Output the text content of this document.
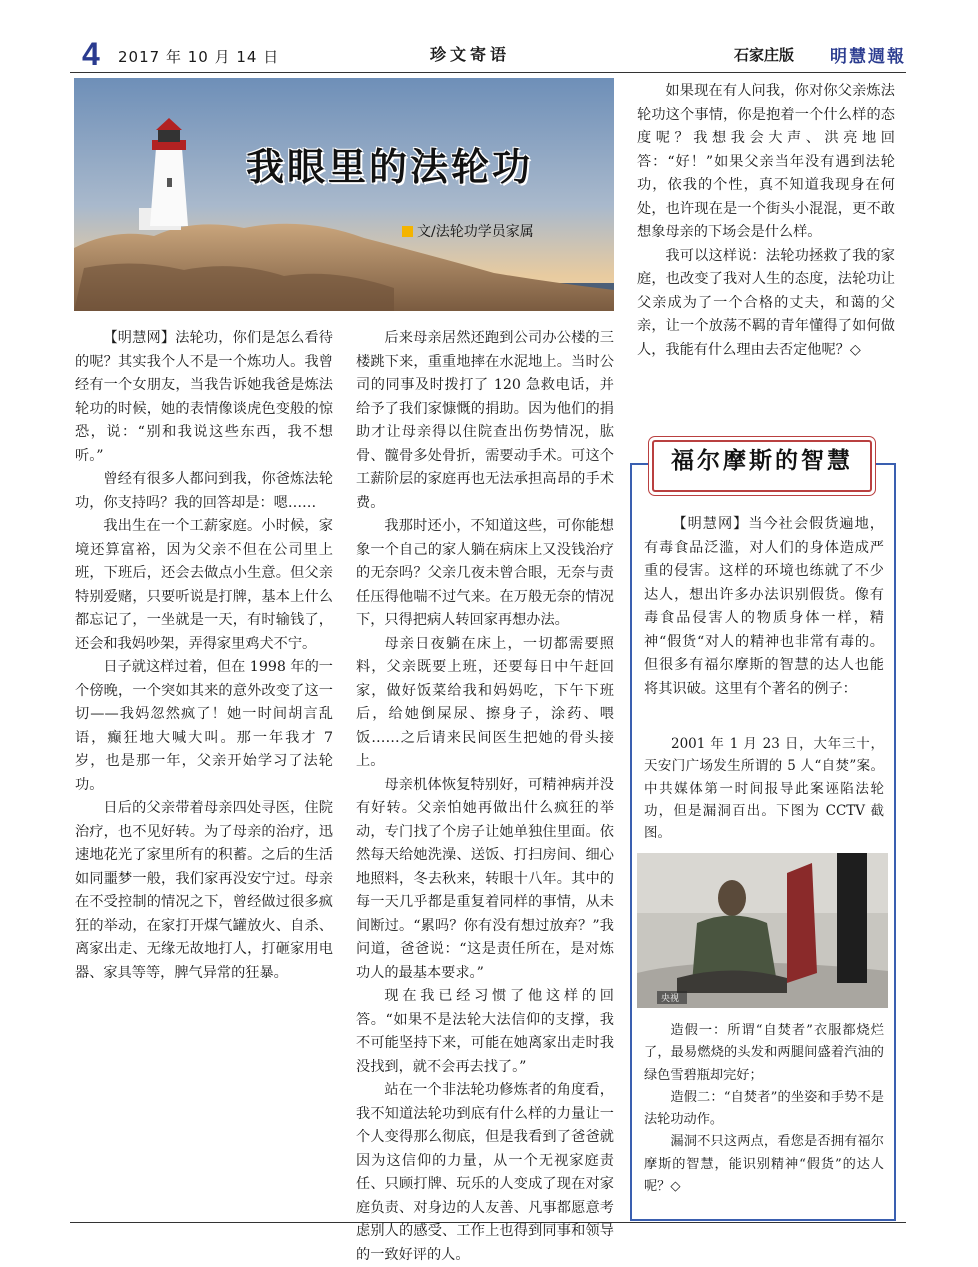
4 2017 年 10 月 14 日	珍文寄语	石家庄版 明慧週報
我眼里的法轮功
文/法轮功学员家属

【明慧网】法轮功，你们是怎么看待的呢？其实我个人不是一个炼功人。我曾经有一个女朋友，当我告诉她我爸是炼法轮功的时候，她的表情像谈虎色变般的惊恐，说：“别和我说这些东西，我不想听。”

曾经有很多人都问到我，你爸炼法轮功，你支持吗？我的回答却是：嗯……

我出生在一个工薪家庭。小时候，家境还算富裕，因为父亲不但在公司里上班，下班后，还会去做点小生意。但父亲特别爱赌，只要听说是打牌，基本上什么都忘记了，一坐就是一天，有时输钱了，还会和我妈吵架，弄得家里鸡犬不宁。

日子就这样过着，但在 1998 年的一个傍晚，一个突如其来的意外改变了这一切——我妈忽然疯了！她一时间胡言乱语，癫狂地大喊大叫。那一年我才 7 岁，也是那一年，父亲开始学习了法轮功。

日后的父亲带着母亲四处寻医，住院治疗，也不见好转。为了母亲的治疗，迅速地花光了家里所有的积蓄。之后的生活如同噩梦一般，我们家再没安宁过。母亲在不受控制的情况之下，曾经做过很多疯狂的举动，在家打开煤气罐放火、自杀、离家出走、无缘无故地打人，打砸家用电器、家具等等，脾气异常的狂暴。

后来母亲居然还跑到公司办公楼的三楼跳下来，重重地摔在水泥地上。当时公司的同事及时拨打了 120 急救电话，并给予了我们家慷慨的捐助。因为他们的捐助才让母亲得以住院查出伤势情况，肱骨、髋骨多处骨折，需要动手术。可这个工薪阶层的家庭再也无法承担高昂的手术费。

我那时还小，不知道这些，可你能想象一个自己的家人躺在病床上又没钱治疗的无奈吗？父亲几夜未曾合眼，无奈与责任压得他喘不过气来。在万般无奈的情况下，只得把病人转回家再想办法。

母亲日夜躺在床上，一切都需要照料，父亲既要上班，还要每日中午赶回家，做好饭菜给我和妈妈吃，下午下班后，给她倒屎尿、擦身子，涂药、喂饭……之后请来民间医生把她的骨头接上。

母亲机体恢复特别好，可精神病并没有好转。父亲怕她再做出什么疯狂的举动，专门找了个房子让她单独住里面。依然每天给她洗澡、送饭、打扫房间、细心地照料，冬去秋来，转眼十八年。其中的每一天几乎都是重复着同样的事情，从未间断过。“累吗？你有没有想过放弃？”我问道，爸爸说：“这是责任所在，是对炼功人的最基本要求。”

现在我已经习惯了他这样的回答。“如果不是法轮大法信仰的支撑，我不可能坚持下来，可能在她离家出走时我没找到，就不会再去找了。”

站在一个非法轮功修炼者的角度看，我不知道法轮功到底有什么样的力量让一个人变得那么彻底，但是我看到了爸爸就因为这信仰的力量，从一个无视家庭责任、只顾打牌、玩乐的人变成了现在对家庭负责、对身边的人友善、凡事都愿意考虑别人的感受、工作上也得到同事和领导的一致好评的人。

如果现在有人问我，你对你父亲炼法轮功这个事情，你是抱着一个什么样的态度呢？我想我会大声、洪亮地回答：“好！”如果父亲当年没有遇到法轮功，依我的个性，真不知道我现身在何处，也许现在是一个街头小混混，更不敢想象母亲的下场会是什么样。

我可以这样说：法轮功拯救了我的家庭，也改变了我对人生的态度，法轮功让父亲成为了一个合格的丈夫，和蔼的父亲，让一个放荡不羁的青年懂得了如何做人，我能有什么理由去否定他呢？◇

福尔摩斯的智慧

【明慧网】当今社会假货遍地，有毒食品泛滥，对人们的身体造成严重的侵害。这样的环境也练就了不少达人，想出许多办法识别假货。像有毒食品侵害人的物质身体一样，精神“假货“对人的精神也非常有毒的。但很多有福尔摩斯的智慧的达人也能将其识破。这里有个著名的例子：

2001 年 1 月 23 日，大年三十，天安门广场发生所谓的 5 人“自焚”案。中共媒体第一时间报导此案诬陷法轮功，但是漏洞百出。下图为 CCTV 截图。

央视

造假一：所谓“自焚者”衣服都烧烂了，最易燃烧的头发和两腿间盛着汽油的绿色雪碧瓶却完好；

造假二：“自焚者”的坐姿和手势不是法轮功动作。

漏洞不只这两点，看您是否拥有福尔摩斯的智慧，能识别精神“假货”的达人呢？◇
